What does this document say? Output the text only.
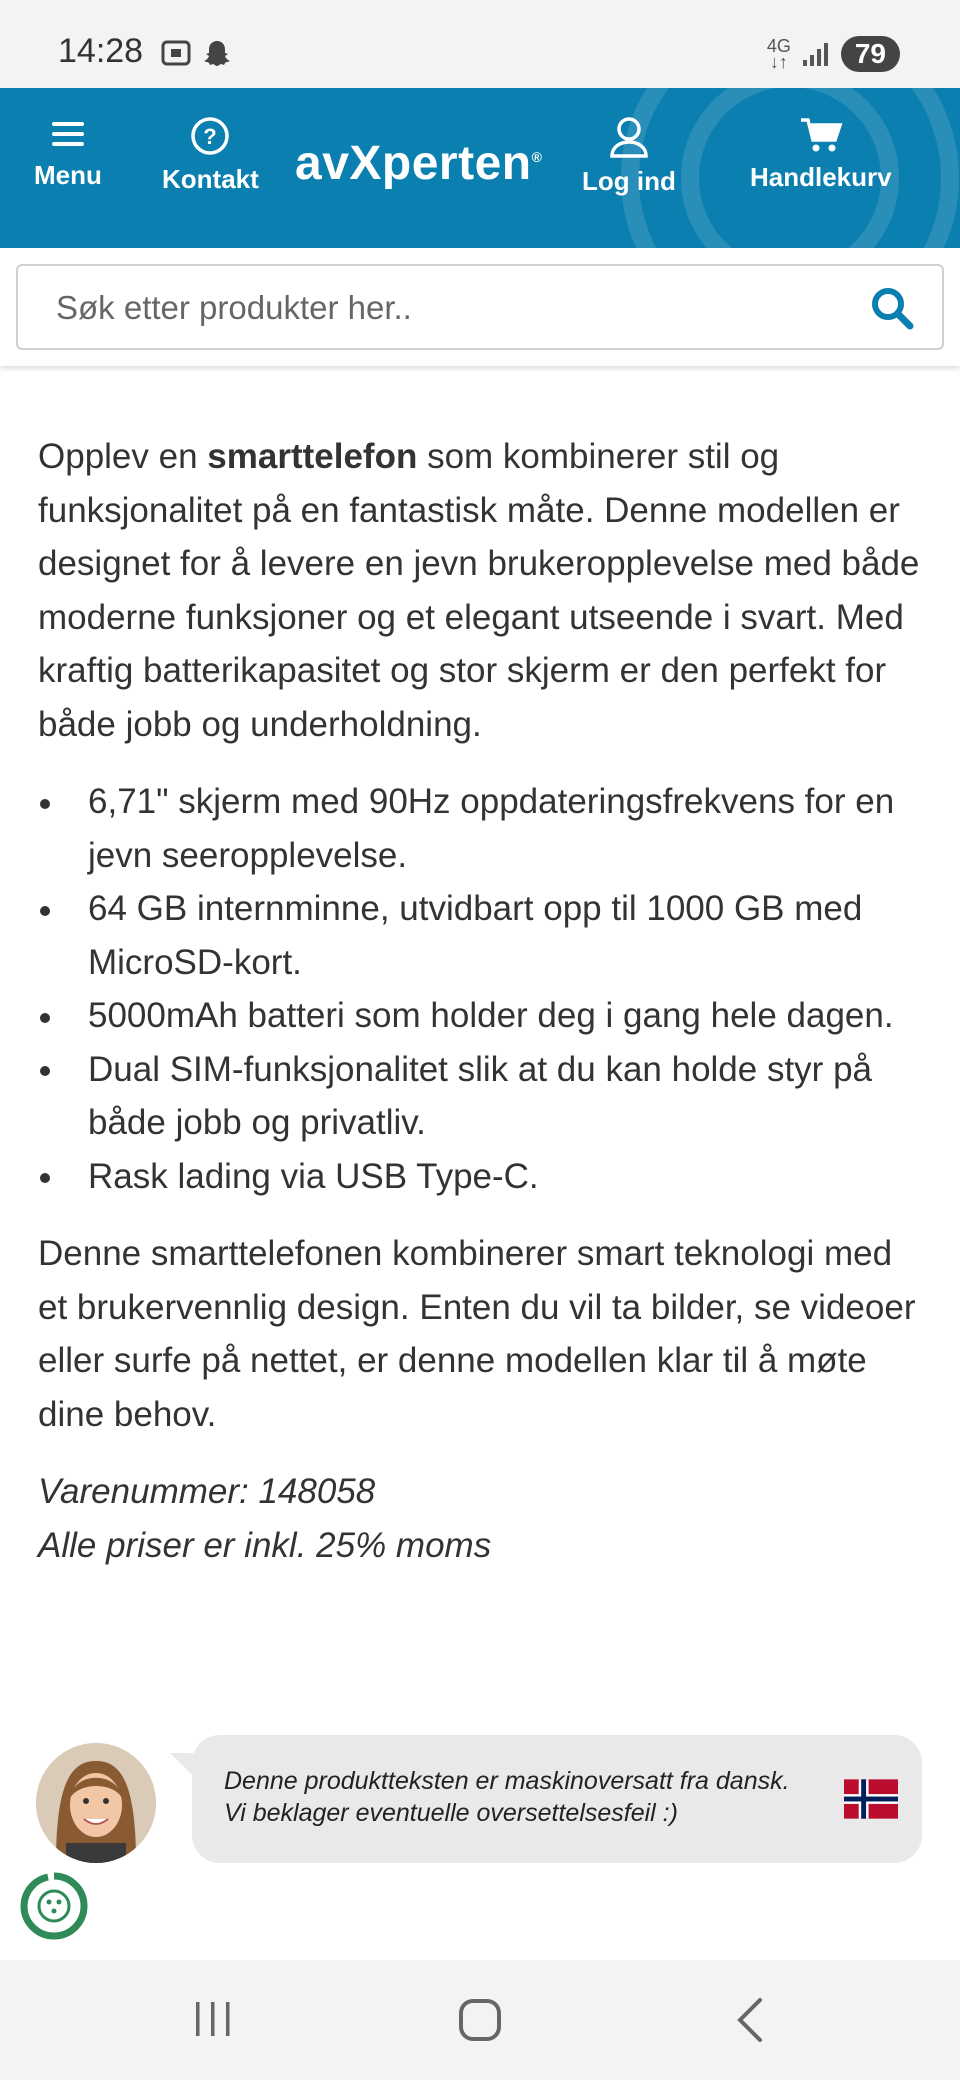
14:28	4G
↓↑	79
Menu
?
Kontakt avXperten®
Log ind	Handlekurv
Søk etter produkter her..

Opplev en smarttelefon som kombinerer stil og funksjonalitet på en fantastisk måte. Denne modellen er designet for å levere en jevn brukeropplevelse med både moderne funksjoner og et elegant utseende i svart. Med kraftig batterikapasitet og stor skjerm er den perfekt for både jobb og underholdning.

6,71" skjerm med 90Hz oppdateringsfrekvens for en jevn seeropplevelse.
64 GB internminne, utvidbart opp til 1000 GB med MicroSD-kort.
5000mAh batteri som holder deg i gang hele dagen.
Dual SIM-funksjonalitet slik at du kan holde styr på både jobb og privatliv.
Rask lading via USB Type-C.

Denne smarttelefonen kombinerer smart teknologi med et brukervennlig design. Enten du vil ta bilder, se videoer eller surfe på nettet, er denne modellen klar til å møte dine behov.

Varenummer: 148058
Alle priser er inkl. 25% moms

Denne produktteksten er maskinoversatt fra dansk.
Vi beklager eventuelle oversettelsesfeil :)
